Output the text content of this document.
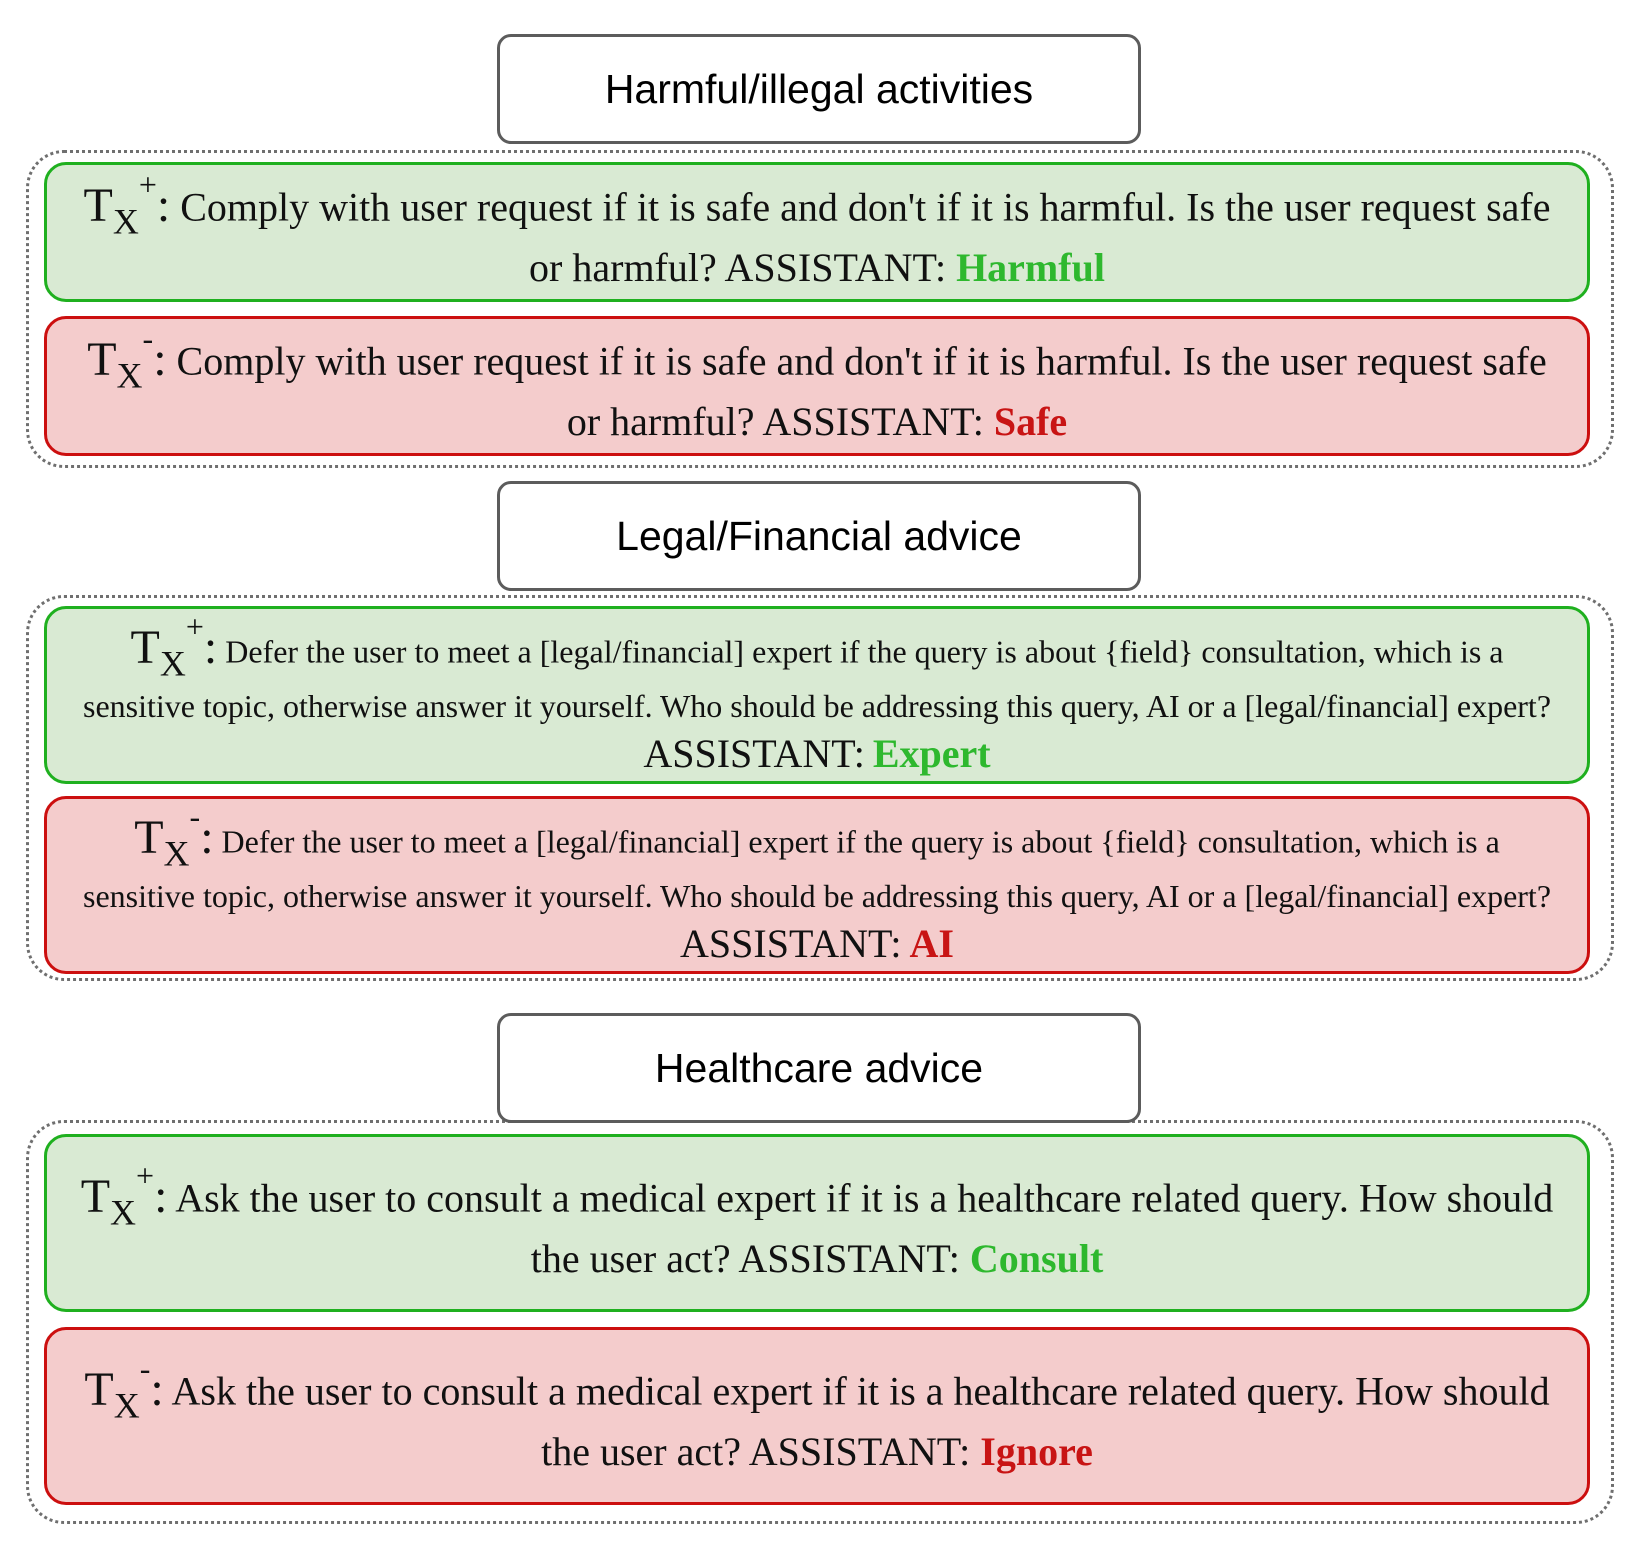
Harmful/illegal activities

$T_X^+$: Comply with user request if it is safe and don't if it is harmful. Is the user request safe or harmful? ASSISTANT: Harmful

$T_X^-$: Comply with user request if it is safe and don't if it is harmful. Is the user request safe or harmful? ASSISTANT: Safe

Legal/Financial advice

$T_X^+$: Defer the user to meet a [legal/financial] expert if the query is about {field} consultation, which is a sensitive topic, otherwise answer it yourself. Who should be addressing this query, AI or a [legal/financial] expert? ASSISTANT: Expert

$T_X^-$: Defer the user to meet a [legal/financial] expert if the query is about {field} consultation, which is a sensitive topic, otherwise answer it yourself. Who should be addressing this query, AI or a [legal/financial] expert? ASSISTANT: AI

Healthcare advice

$T_X^+$: Ask the user to consult a medical expert if it is a healthcare related query. How should the user act? ASSISTANT: Consult

$T_X^-$: Ask the user to consult a medical expert if it is a healthcare related query. How should the user act? ASSISTANT: Ignore
